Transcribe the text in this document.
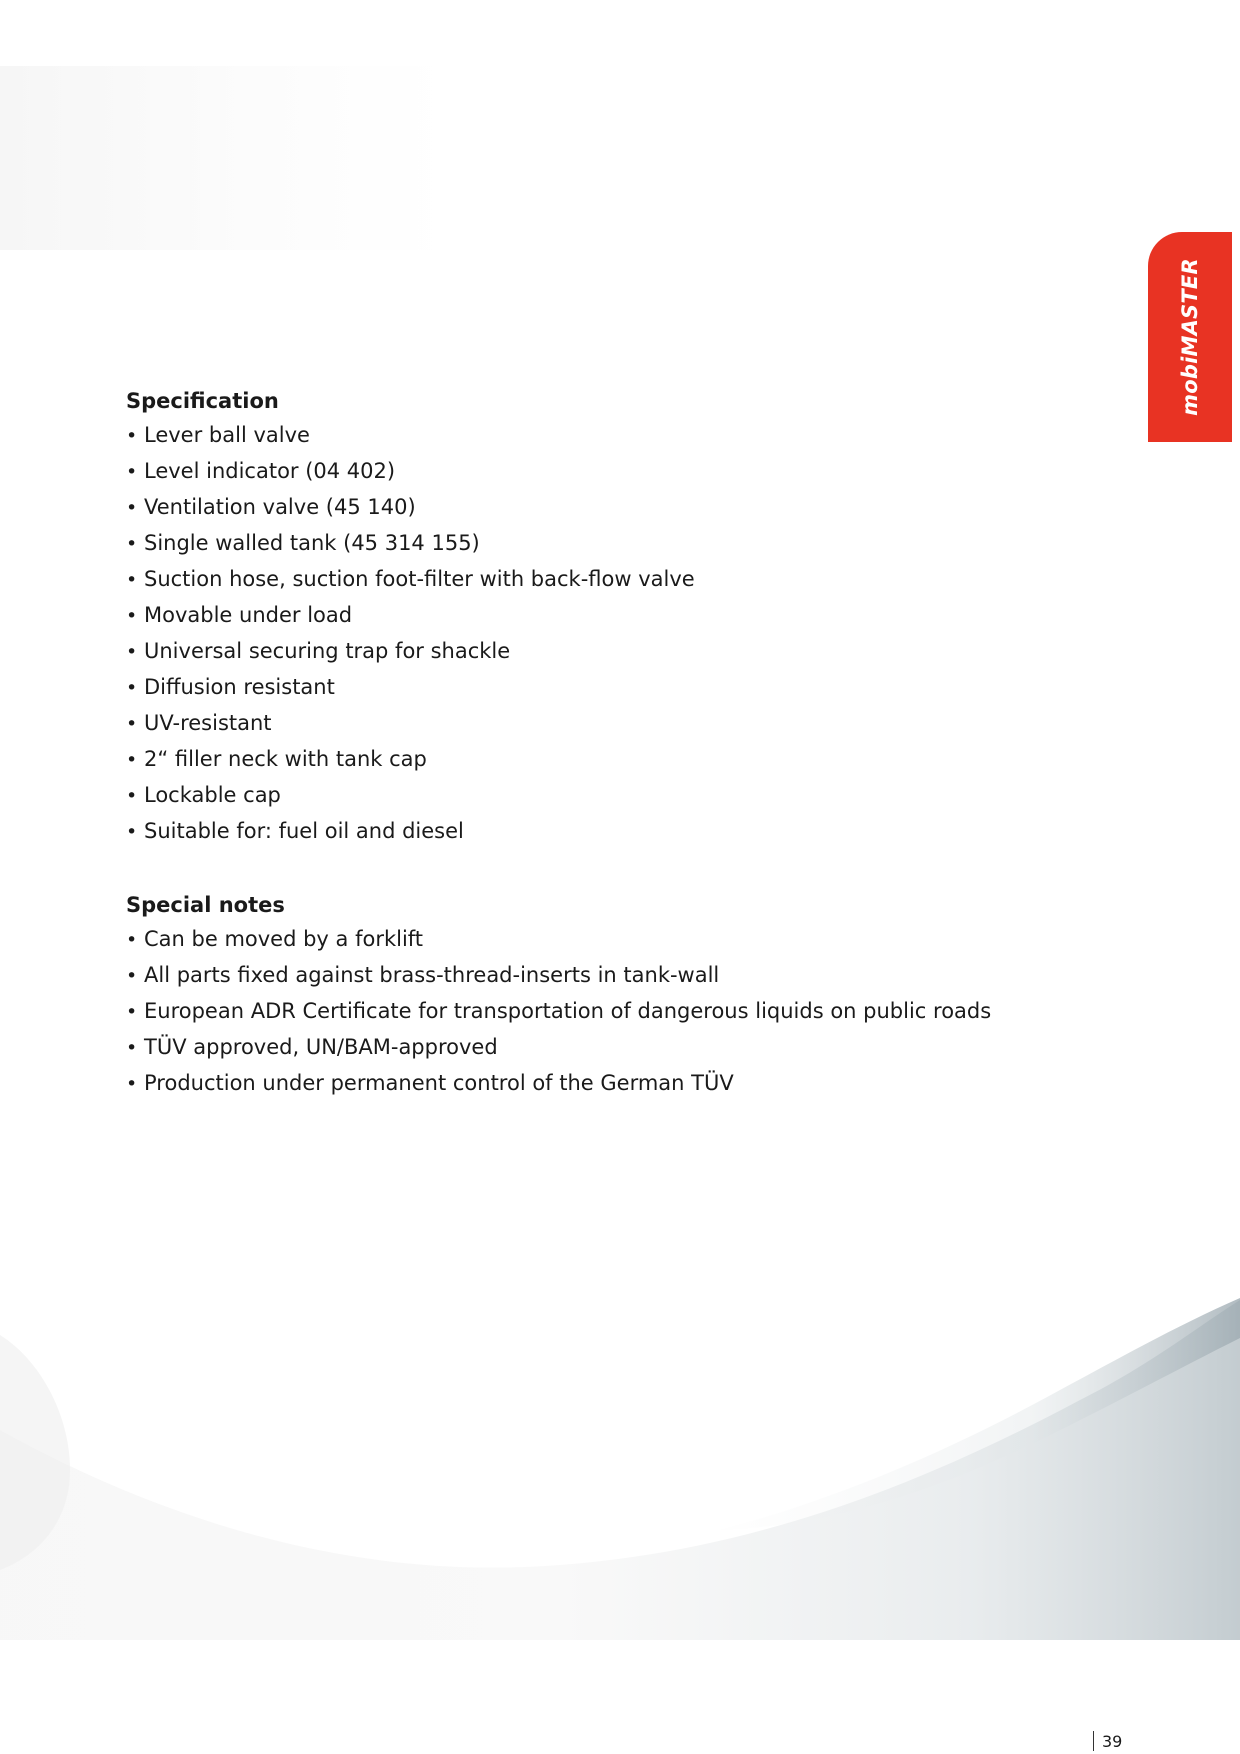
mobiMASTER
Specification
• Lever ball valve
• Level indicator (04 402)
• Ventilation valve (45 140)
• Single walled tank (45 314 155)
• Suction hose, suction foot-filter with back-flow valve
• Movable under load
• Universal securing trap for shackle
• Diffusion resistant
• UV-resistant
• 2“ filler neck with tank cap
• Lockable cap
• Suitable for: fuel oil and diesel
Special notes
• Can be moved by a forklift
• All parts fixed against brass-thread-inserts in tank-wall
• European ADR Certificate for transportation of dangerous liquids on public roads
• TÜV approved, UN/BAM-approved
• Production under permanent control of the German TÜV
39
